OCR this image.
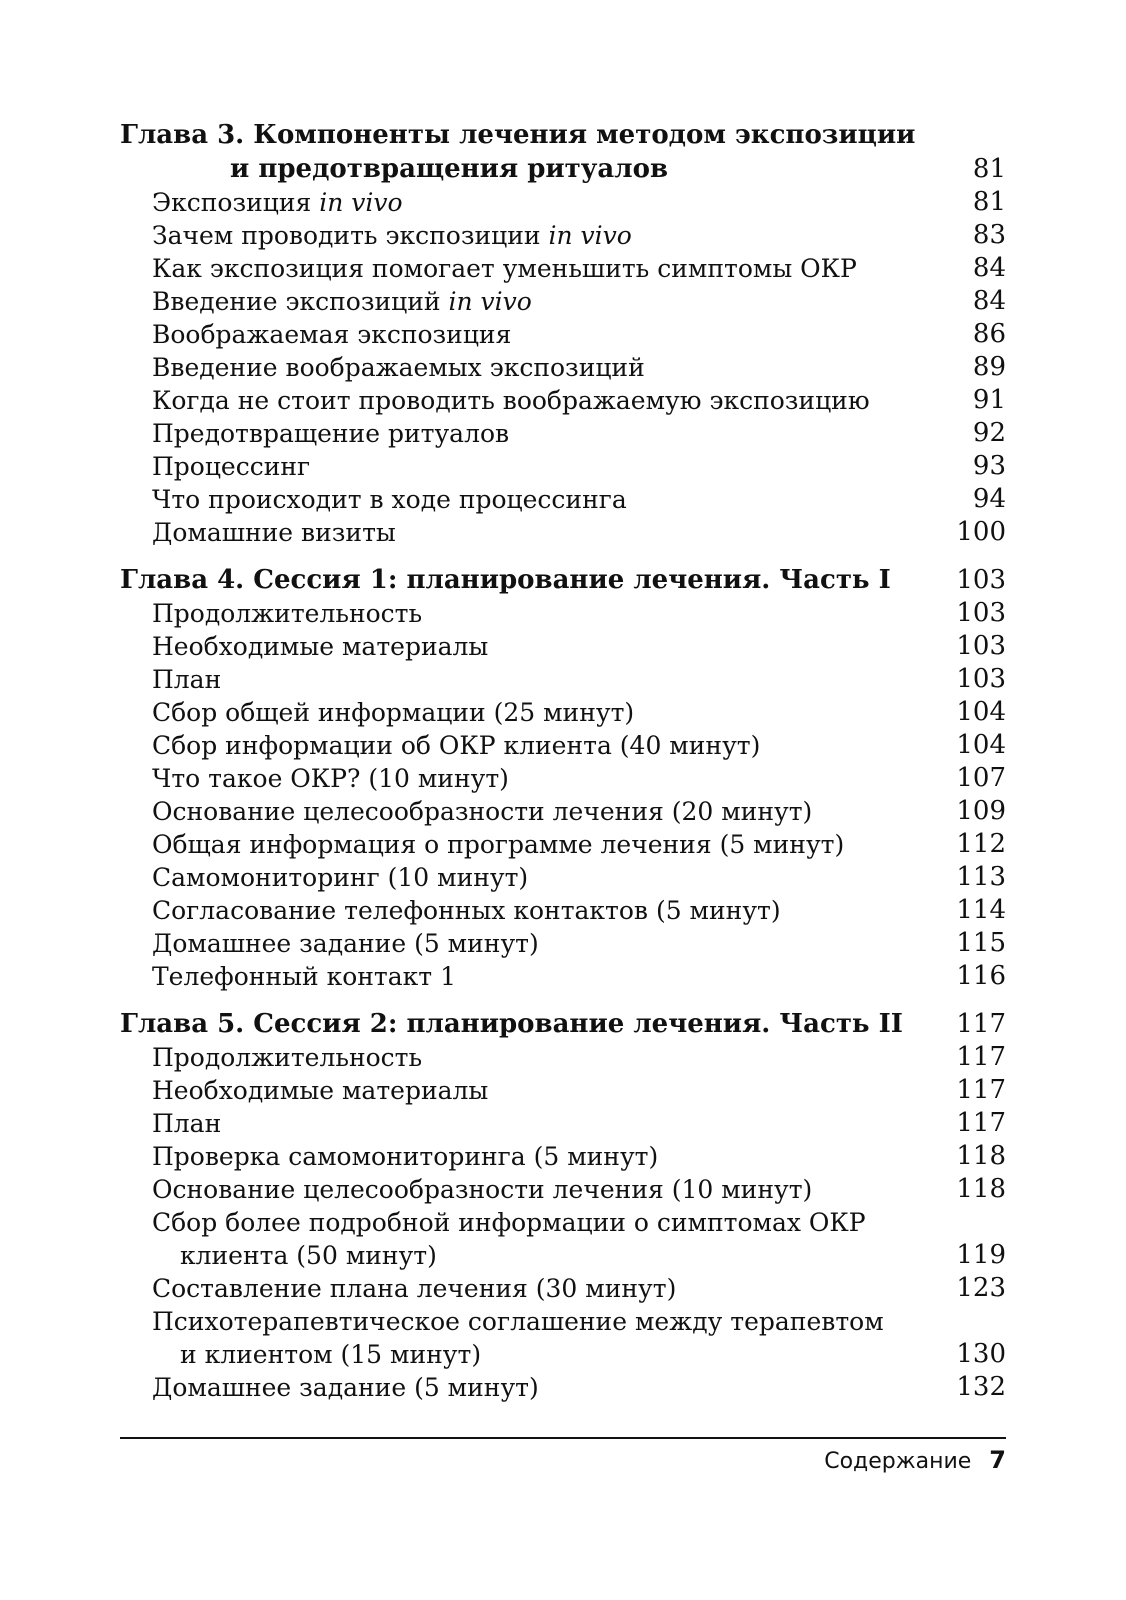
Глава 3. Компоненты лечения методом экспозиции
и предотвращения ритуалов	81
Экспозиция in vivo	81
Зачем проводить экспозиции in vivo	83
Как экспозиция помогает уменьшить симптомы ОКР	84
Введение экспозиций in vivo	84
Воображаемая экспозиция	86
Введение воображаемых экспозиций	89
Когда не стоит проводить воображаемую экспозицию	91
Предотвращение ритуалов	92
Процессинг	93
Что происходит в ходе процессинга	94
Домашние визиты	100
Глава 4. Сессия 1: планирование лечения. Часть I	103
Продолжительность	103
Необходимые материалы	103
План	103
Сбор общей информации (25 минут)	104
Сбор информации об ОКР клиента (40 минут)	104
Что такое ОКР? (10 минут)	107
Основание целесообразности лечения (20 минут)	109
Общая информация о программе лечения (5 минут)	112
Самомониторинг (10 минут)	113
Согласование телефонных контактов (5 минут)	114
Домашнее задание (5 минут)	115
Телефонный контакт 1	116
Глава 5. Сессия 2: планирование лечения. Часть II	117
Продолжительность	117
Необходимые материалы	117
План	117
Проверка самомониторинга (5 минут)	118
Основание целесообразности лечения (10 минут)	118
Сбор более подробной информации о симптомах ОКР
клиента (50 минут)	119
Составление плана лечения (30 минут)	123
Психотерапевтическое соглашение между терапевтом
и клиентом (15 минут)	130
Домашнее задание (5 минут)	132
Содержание 7
